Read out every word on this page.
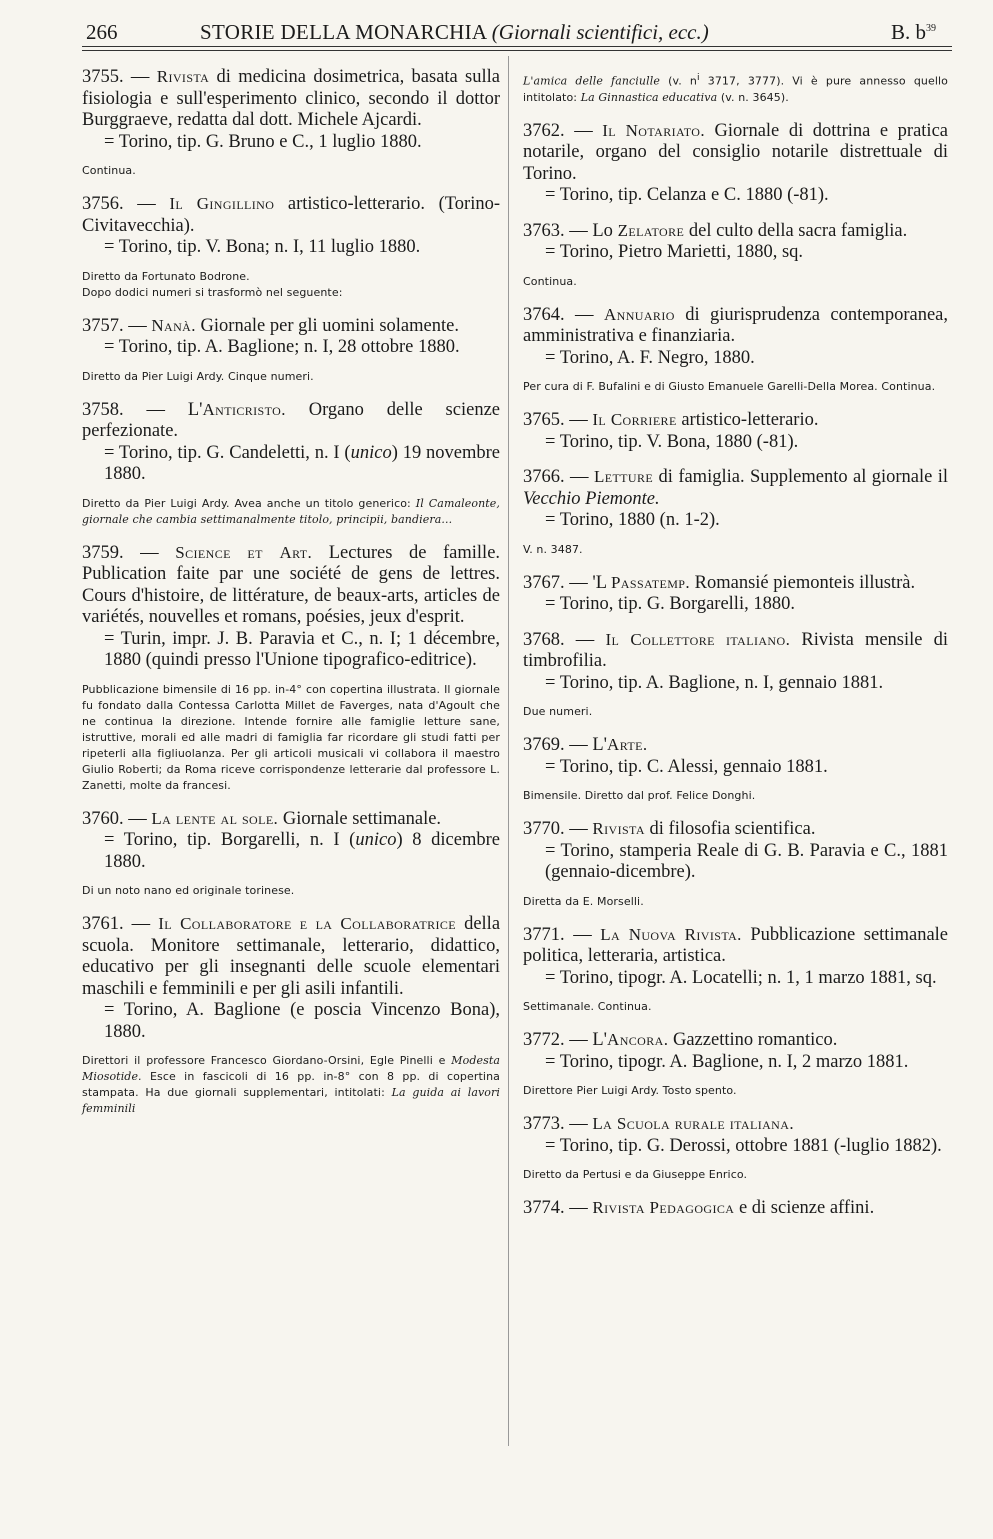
266	STORIE DELLA MONARCHIA (Giornali scientifici, ecc.)	B. $b^{39}$
3755. — Rivista di medicina dosimetrica, basata sulla fisiologia e sull'esperimento clinico, secondo il dottor Burggraeve, redatta dal dott. Michele Ajcardi.
= Torino, tip. G. Bruno e C., 1 luglio 1880.
Continua.
3756. — Il Gingillino artistico-letterario. (Torino-Civitavecchia).
= Torino, tip. V. Bona; n. I, 11 luglio 1880.
Diretto da Fortunato Bodrone.
Dopo dodici numeri si trasformò nel seguente:
3757. — Nanà. Giornale per gli uomini solamente.
= Torino, tip. A. Baglione; n. I, 28 ottobre 1880.
Diretto da Pier Luigi Ardy. Cinque numeri.
3758. — L'Anticristo. Organo delle scienze perfezionate.
= Torino, tip. G. Candeletti, n. I (unico) 19 novembre 1880.
Diretto da Pier Luigi Ardy. Avea anche un titolo generico: Il Camaleonte, giornale che cambia settimanalmente titolo, principii, bandiera...
3759. — Science et Art. Lectures de famille. Publication faite par une société de gens de lettres. Cours d'histoire, de littérature, de beaux-arts, articles de variétés, nouvelles et romans, poésies, jeux d'esprit.
= Turin, impr. J. B. Paravia et C., n. I; 1 décembre, 1880 (quindi presso l'Unione tipografico-editrice).
Pubblicazione bimensile di 16 pp. in-4° con copertina illustrata. Il giornale fu fondato dalla Contessa Carlotta Millet de Faverges, nata d'Agoult che ne continua la direzione. Intende fornire alle famiglie letture sane, istruttive, morali ed alle madri di famiglia far ricordare gli studi fatti per ripeterli alla figliuolanza. Per gli articoli musicali vi collabora il maestro Giulio Roberti; da Roma riceve corrispondenze letterarie dal professore L. Zanetti, molte da francesi.
3760. — La lente al sole. Giornale settimanale.
= Torino, tip. Borgarelli, n. I (unico) 8 dicembre 1880.
Di un noto nano ed originale torinese.
3761. — Il Collaboratore e la Collaboratrice della scuola. Monitore settimanale, letterario, didattico, educativo per gli insegnanti delle scuole elementari maschili e femminili e per gli asili infantili.
= Torino, A. Baglione (e poscia Vincenzo Bona), 1880.
Direttori il professore Francesco Giordano-Orsini, Egle Pinelli e Modesta Miosotide. Esce in fascicoli di 16 pp. in-8° con 8 pp. di copertina stampata. Ha due giornali supplementari, intitolati: La guida ai lavori femminili
L'amica delle fanciulle (v. $n^i$ 3717, 3777). Vi è pure annesso quello intitolato: La Ginnastica educativa (v. n. 3645).
3762. — Il Notariato. Giornale di dottrina e pratica notarile, organo del consiglio notarile distrettuale di Torino.
= Torino, tip. Celanza e C. 1880 (-81).
3763. — Lo Zelatore del culto della sacra famiglia.
= Torino, Pietro Marietti, 1880, sq.
Continua.
3764. — Annuario di giurisprudenza contemporanea, amministrativa e finanziaria.
= Torino, A. F. Negro, 1880.
Per cura di F. Bufalini e di Giusto Emanuele Garelli-Della Morea. Continua.
3765. — Il Corriere artistico-letterario.
= Torino, tip. V. Bona, 1880 (-81).
3766. — Letture di famiglia. Supplemento al giornale il Vecchio Piemonte.
= Torino, 1880 (n. 1-2).
V. n. 3487.
3767. — 'L Passatemp. Romansié piemonteis illustrà.
= Torino, tip. G. Borgarelli, 1880.
3768. — Il Collettore italiano. Rivista mensile di timbrofilia.
= Torino, tip. A. Baglione, n. I, gennaio 1881.
Due numeri.
3769. — L'Arte.
= Torino, tip. C. Alessi, gennaio 1881.
Bimensile. Diretto dal prof. Felice Donghi.
3770. — Rivista di filosofia scientifica.
= Torino, stamperia Reale di G. B. Paravia e C., 1881 (gennaio-dicembre).
Diretta da E. Morselli.
3771. — La Nuova Rivista. Pubblicazione settimanale politica, letteraria, artistica.
= Torino, tipogr. A. Locatelli; n. 1, 1 marzo 1881, sq.
Settimanale. Continua.
3772. — L'Ancora. Gazzettino romantico.
= Torino, tipogr. A. Baglione, n. I, 2 marzo 1881.
Direttore Pier Luigi Ardy. Tosto spento.
3773. — La Scuola rurale italiana.
= Torino, tip. G. Derossi, ottobre 1881 (-luglio 1882).
Diretto da Pertusi e da Giuseppe Enrico.
3774. — Rivista Pedagogica e di scienze affini.
